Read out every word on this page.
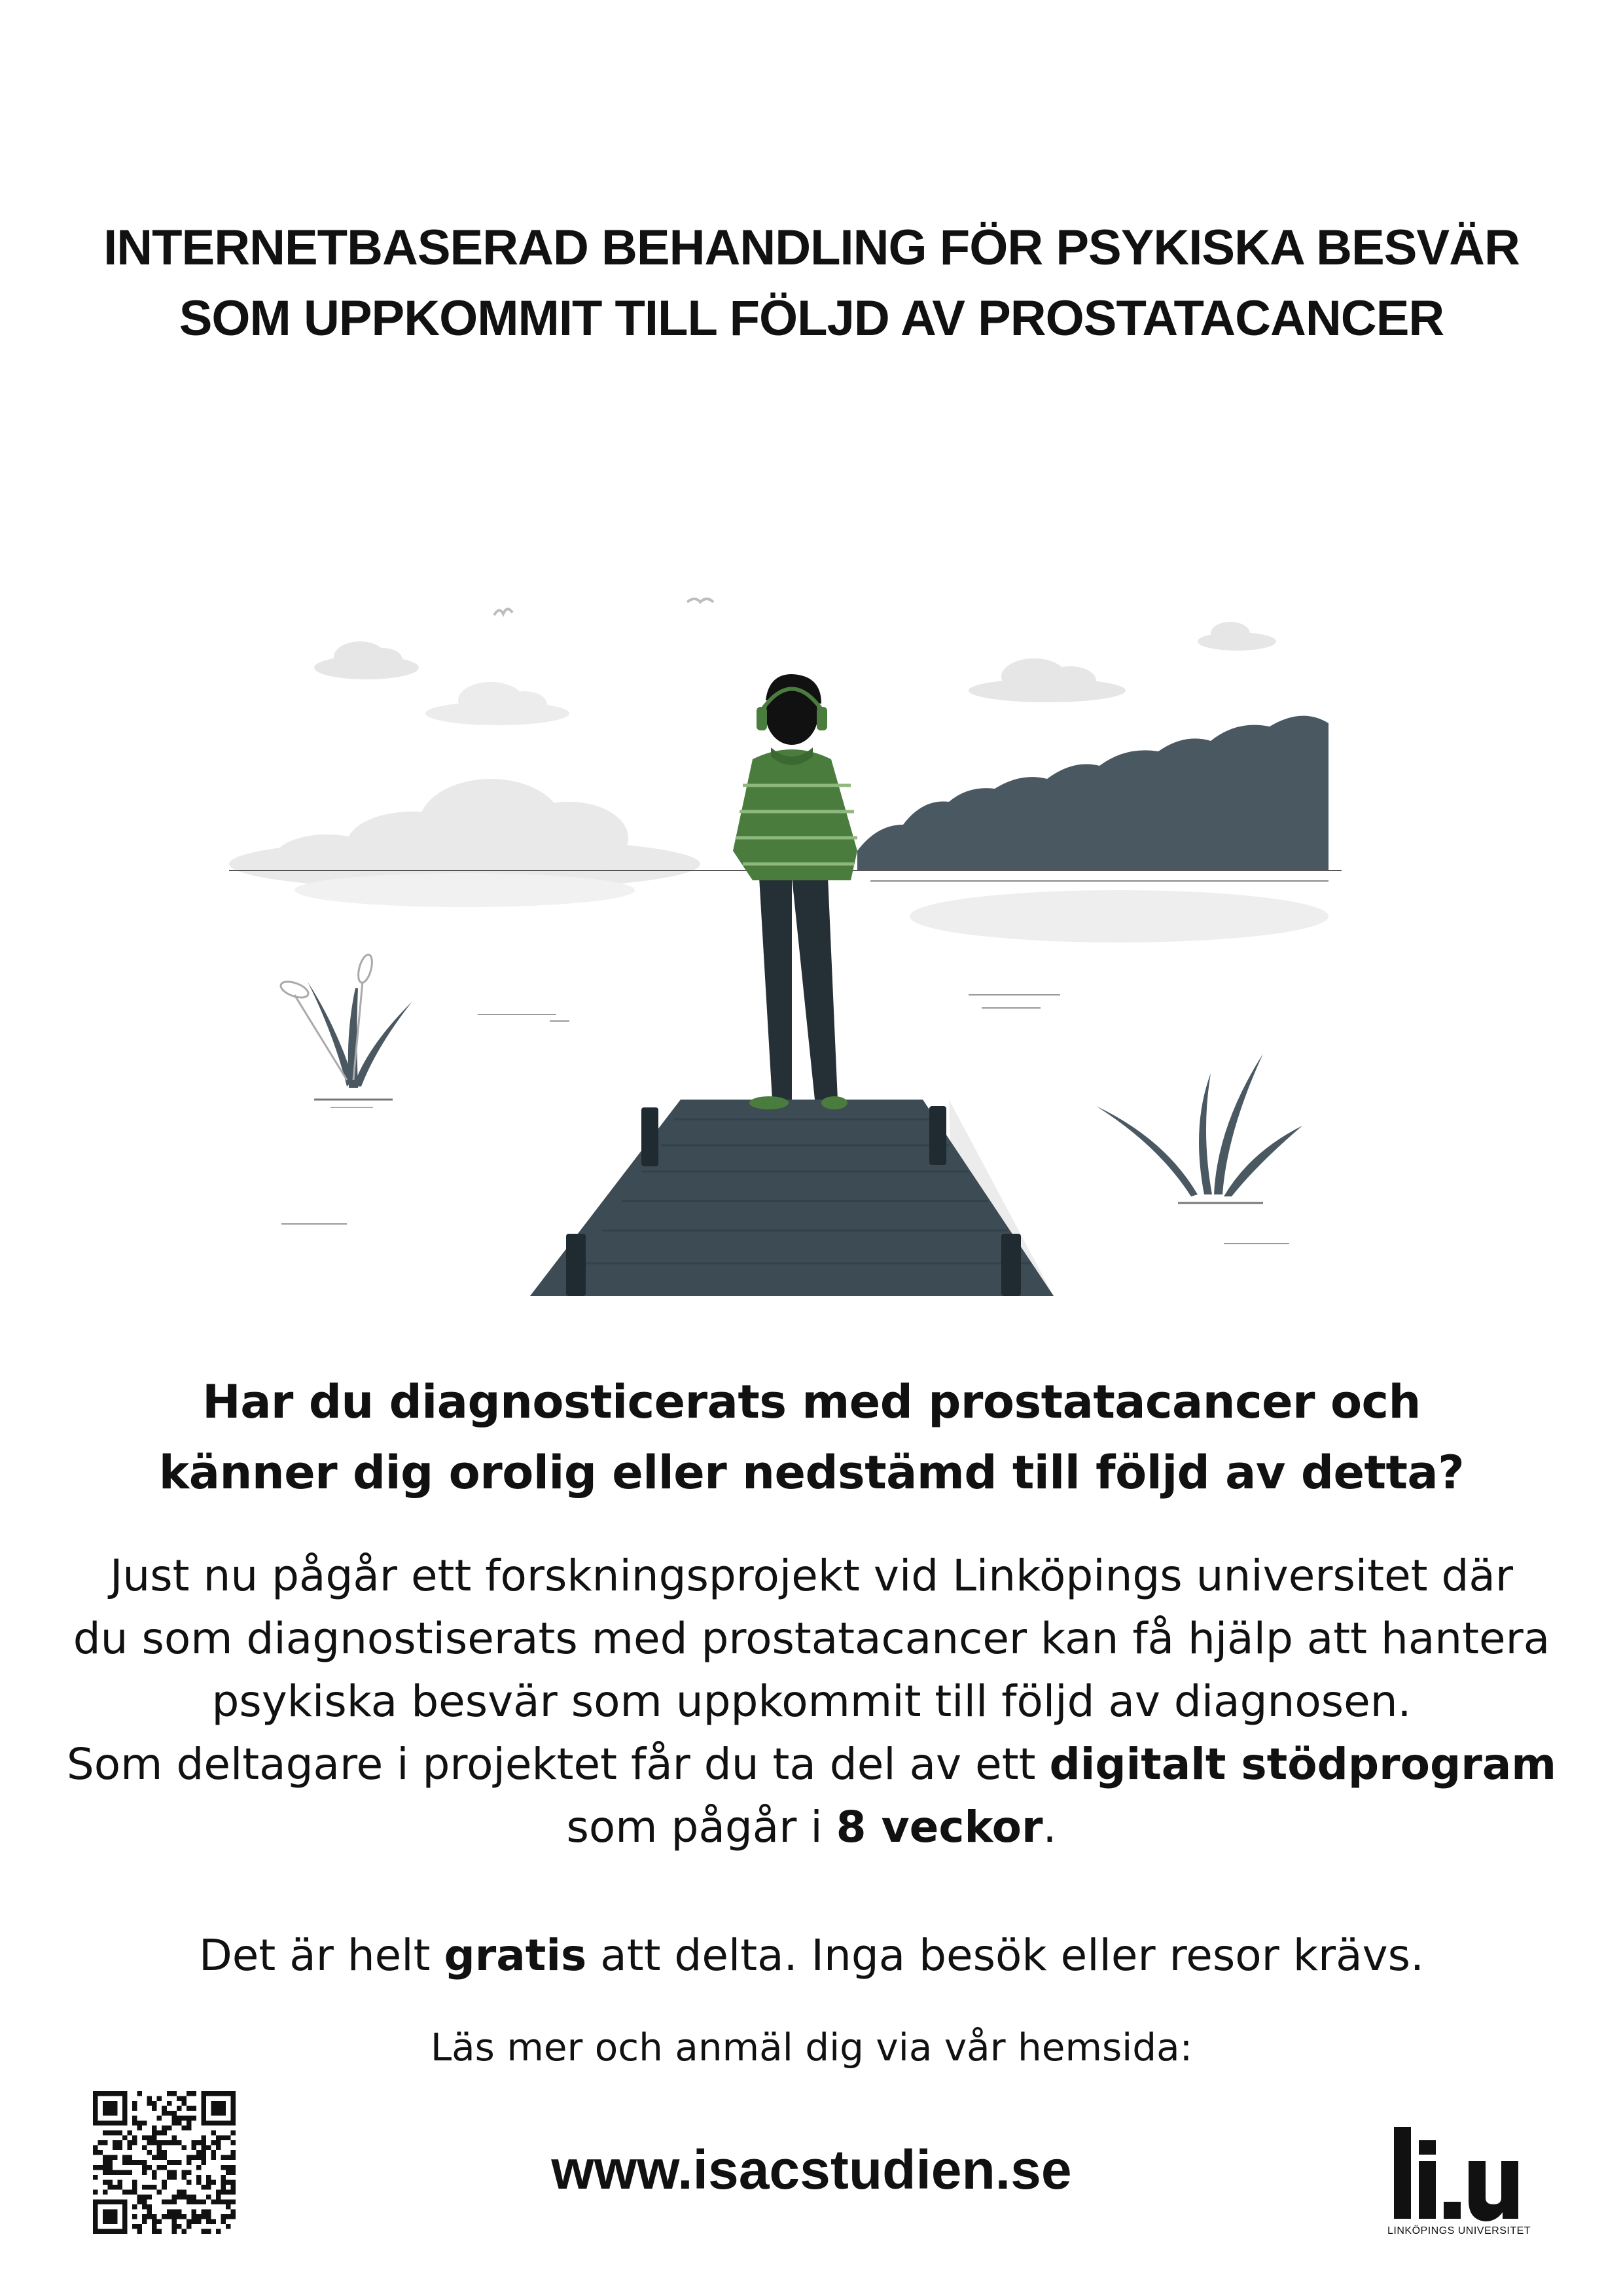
INTERNETBASERAD BEHANDLING FÖR PSYKISKA BESVÄR
SOM UPPKOMMIT TILL FÖLJD AV PROSTATACANCER
Har du diagnosticerats med prostatacancer och
känner dig orolig eller nedstämd till följd av detta?
Just nu pågår ett forskningsprojekt vid Linköpings universitet där
du som diagnostiserats med prostatacancer kan få hjälp att hantera
psykiska besvär som uppkommit till följd av diagnosen.
Som deltagare i projektet får du ta del av ett digitalt stödprogram
som pågår i 8 veckor.
Det är helt gratis att delta. Inga besök eller resor krävs.
Läs mer och anmäl dig via vår hemsida:
www.isacstudien.se
LINKÖPINGS UNIVERSITET
